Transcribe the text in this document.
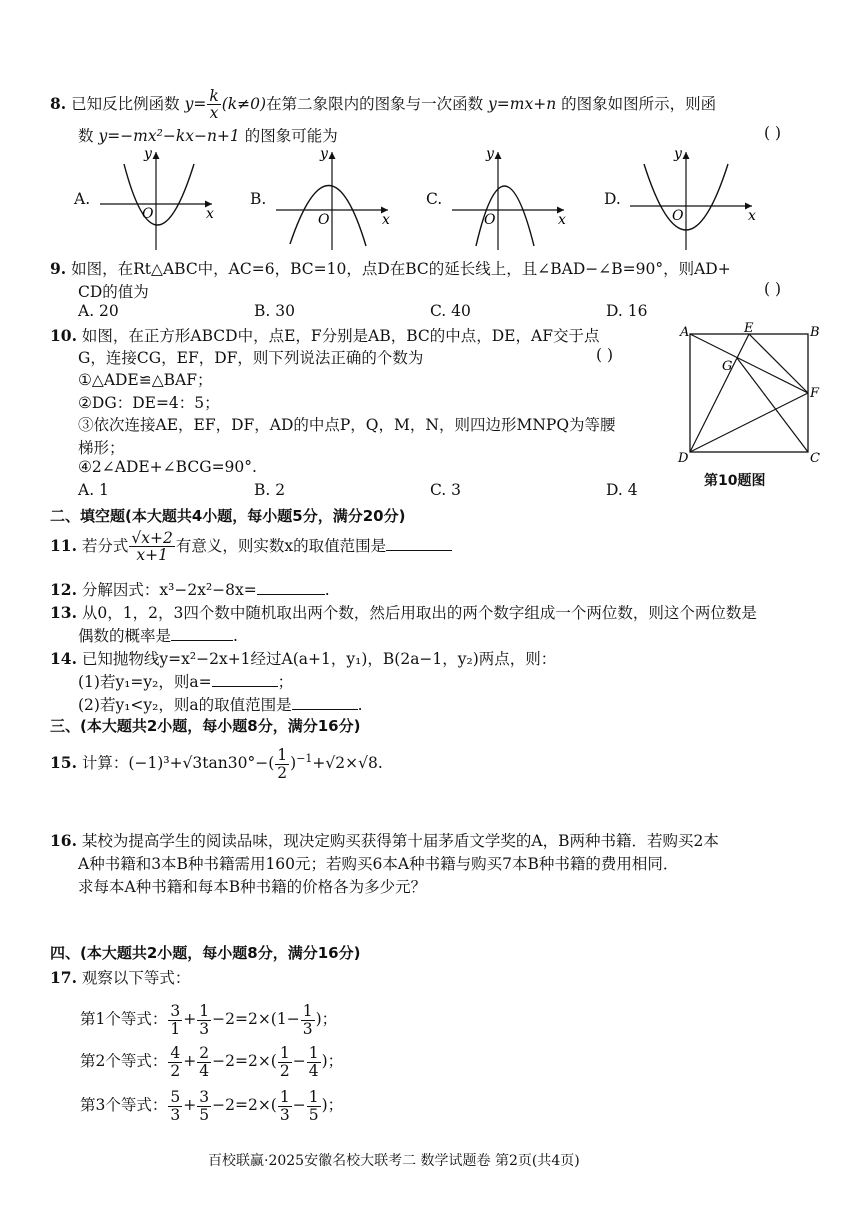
8. 已知反比例函数 $y= \frac{k}{x} (k\ne 0)$在第二象限内的图象与一次函数 y=mx+n 的图象如图所示，则函
数 y=−mx²−kx−n+1 的图象可能为	( )
A.
y
x
O
B.
y
x
O
C.
y
x
O
D.
y
x
O
9. 如图，在Rt△ABC中，AC=6，BC=10，点D在BC的延长线上，且∠BAD−∠B=90°，则AD+
CD的值为	( )
A. 20	B. 30	C. 40	D. 16
10. 如图，在正方形ABCD中，点E，F分别是AB，BC的中点，DE，AF交于点
G，连接CG，EF，DF，则下列说法正确的个数为	( )
①△ADE≌△BAF；
②DG：DE=4：5；
③依次连接AE，EF，DF，AD的中点P，Q，M，N，则四边形MNPQ为等腰
梯形；
④2∠ADE+∠BCG=90°.
A. 1	B. 2	C. 3	D. 4
A	B
C
D
E
F
G
第10题图
二、填空题(本大题共4小题，每小题5分，满分20分)
11. 若分式 $\frac{√x+2}{x+1}$ 有意义，则实数x的取值范围是
12. 分解因式：x³−2x²−8x=	.
13. 从0，1，2，3四个数中随机取出两个数，然后用取出的两个数字组成一个两位数，则这个两位数是
偶数的概率是	.
14. 已知抛物线y=x²−2x+1经过A(a+1，y₁)，B(2a−1，y₂)两点，则：
(1)若y₁=y₂，则a=	；
(2)若y₁<y₂，则a的取值范围是	.
三、(本大题共2小题，每小题8分，满分16分)
15. 计算：$(-1)^3+√3\tan 30^\circ-( \frac{1}{2} )^{-1}+√2\times√8$.
16. 某校为提高学生的阅读品味，现决定购买获得第十届茅盾文学奖的A，B两种书籍．若购买2本
A种书籍和3本B种书籍需用160元；若购买6本A种书籍与购买7本B种书籍的费用相同．
求每本A种书籍和每本B种书籍的价格各为多少元？
四、(本大题共2小题，每小题8分，满分16分)
17. 观察以下等式：
第1个等式： $\frac{3}{1} + \frac{1}{3} -2=2\times(1- \frac{1}{3}$ )；
第2个等式： $\frac{4}{2} + \frac{2}{4} -2=2\times( \frac{1}{2} - \frac{1}{4}$ )；
第3个等式： $\frac{5}{3} + \frac{3}{5} -2=2\times( \frac{1}{3} - \frac{1}{5}$ )；
百校联赢·2025安徽名校大联考二 数学试题卷 第2页(共4页)
